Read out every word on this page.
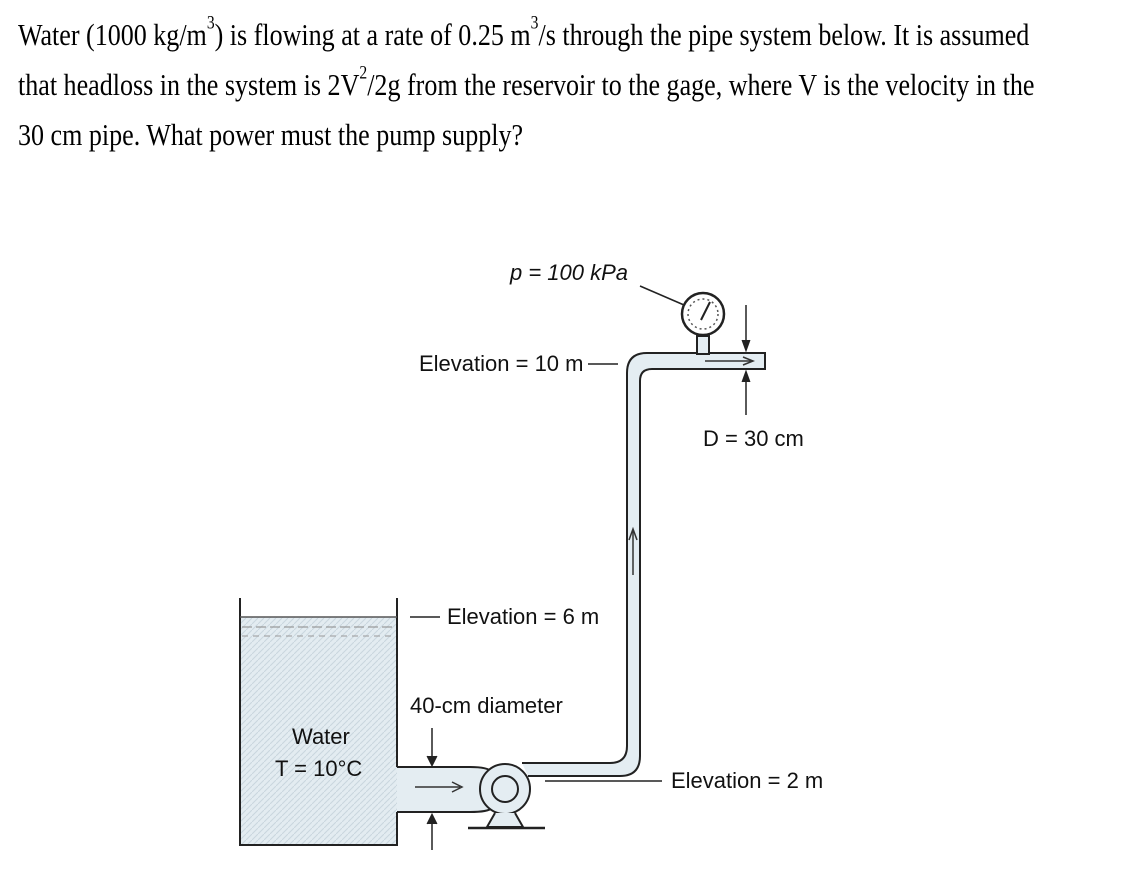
Water (1000 $kg/m^3$) is flowing at a rate of 0.25 $m^3/s$ through the pipe system below. It is assumed
that headloss in the system is $2V^2/2g$ from the reservoir to the gage, where V is the velocity in the
30 cm pipe. What power must the pump supply?
p = 100 kPa
Elevation = 10 m
D = 30 cm
Elevation = 6 m
40-cm diameter
Water
T = 10°C	Elevation = 2 m
